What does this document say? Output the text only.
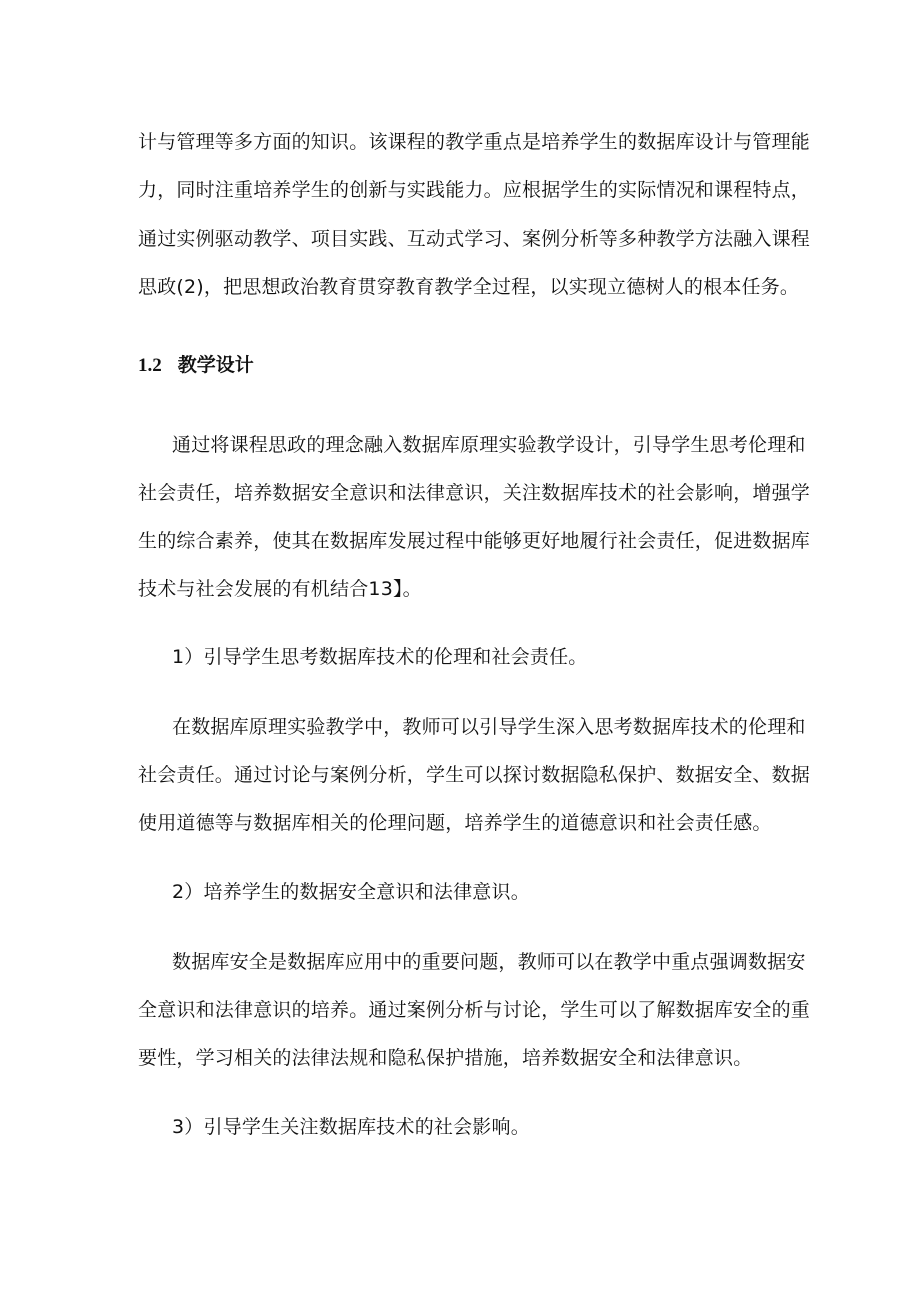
计与管理等多方面的知识。该课程的教学重点是培养学生的数据库设计与管理能
力，同时注重培养学生的创新与实践能力。应根据学生的实际情况和课程特点，
通过实例驱动教学、项目实践、互动式学习、案例分析等多种教学方法融入课程
思政(2)，把思想政治教育贯穿教育教学全过程，以实现立德树人的根本任务。
1.2 教学设计
通过将课程思政的理念融入数据库原理实验教学设计，引导学生思考伦理和
社会责任，培养数据安全意识和法律意识，关注数据库技术的社会影响，增强学
生的综合素养，使其在数据库发展过程中能够更好地履行社会责任，促进数据库
技术与社会发展的有机结合13】。
1）引导学生思考数据库技术的伦理和社会责任。
在数据库原理实验教学中，教师可以引导学生深入思考数据库技术的伦理和
社会责任。通过讨论与案例分析，学生可以探讨数据隐私保护、数据安全、数据
使用道德等与数据库相关的伦理问题，培养学生的道德意识和社会责任感。
2）培养学生的数据安全意识和法律意识。
数据库安全是数据库应用中的重要问题，教师可以在教学中重点强调数据安
全意识和法律意识的培养。通过案例分析与讨论，学生可以了解数据库安全的重
要性，学习相关的法律法规和隐私保护措施，培养数据安全和法律意识。
3）引导学生关注数据库技术的社会影响。
